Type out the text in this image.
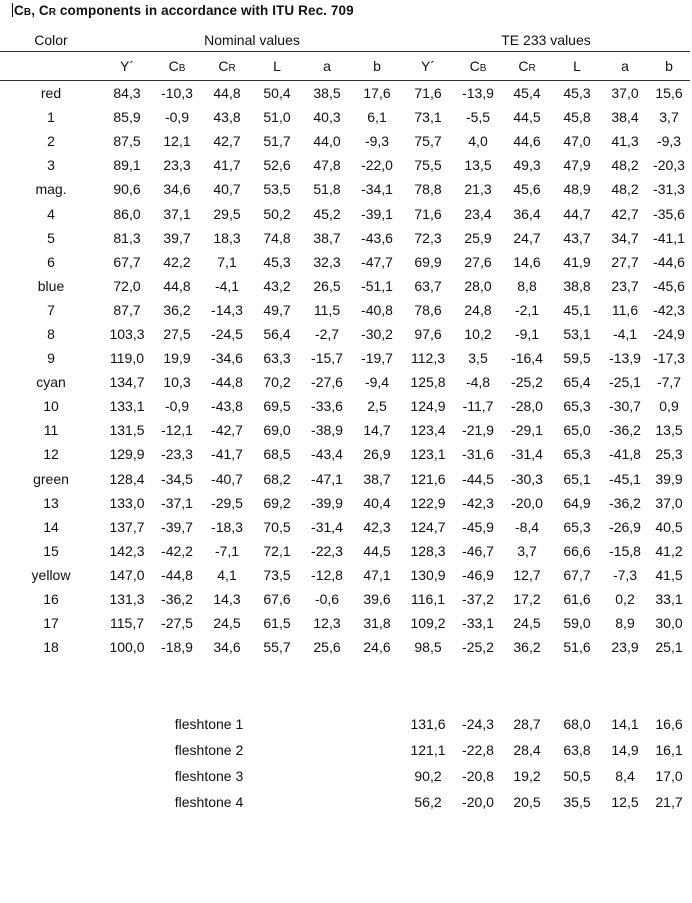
CB, CR components in accordance with ITU Rec. 709
Color	Nominal values						TE 233 values					
	Y´	CB	CR	L	a	b	Y´	CB	CR	L	a	b
red	84,3	-10,3	44,8	50,4	38,5	17,6	71,6	-13,9	45,4	45,3	37,0	15,6
1	85,9	-0,9	43,8	51,0	40,3	6,1	73,1	-5,5	44,5	45,8	38,4	3,7
2	87,5	12,1	42,7	51,7	44,0	-9,3	75,7	4,0	44,6	47,0	41,3	-9,3
3	89,1	23,3	41,7	52,6	47,8	-22,0	75,5	13,5	49,3	47,9	48,2	-20,3
mag.	90,6	34,6	40,7	53,5	51,8	-34,1	78,8	21,3	45,6	48,9	48,2	-31,3
4	86,0	37,1	29,5	50,2	45,2	-39,1	71,6	23,4	36,4	44,7	42,7	-35,6
5	81,3	39,7	18,3	74,8	38,7	-43,6	72,3	25,9	24,7	43,7	34,7	-41,1
6	67,7	42,2	7,1	45,3	32,3	-47,7	69,9	27,6	14,6	41,9	27,7	-44,6
blue	72,0	44,8	-4,1	43,2	26,5	-51,1	63,7	28,0	8,8	38,8	23,7	-45,6
7	87,7	36,2	-14,3	49,7	11,5	-40,8	78,6	24,8	-2,1	45,1	11,6	-42,3
8	103,3	27,5	-24,5	56,4	-2,7	-30,2	97,6	10,2	-9,1	53,1	-4,1	-24,9
9	119,0	19,9	-34,6	63,3	-15,7	-19,7	112,3	3,5	-16,4	59,5	-13,9	-17,3
cyan	134,7	10,3	-44,8	70,2	-27,6	-9,4	125,8	-4,8	-25,2	65,4	-25,1	-7,7
10	133,1	-0,9	-43,8	69,5	-33,6	2,5	124,9	-11,7	-28,0	65,3	-30,7	0,9
11	131,5	-12,1	-42,7	69,0	-38,9	14,7	123,4	-21,9	-29,1	65,0	-36,2	13,5
12	129,9	-23,3	-41,7	68,5	-43,4	26,9	123,1	-31,6	-31,4	65,3	-41,8	25,3
green	128,4	-34,5	-40,7	68,2	-47,1	38,7	121,6	-44,5	-30,3	65,1	-45,1	39,9
13	133,0	-37,1	-29,5	69,2	-39,9	40,4	122,9	-42,3	-20,0	64,9	-36,2	37,0
14	137,7	-39,7	-18,3	70,5	-31,4	42,3	124,7	-45,9	-8,4	65,3	-26,9	40,5
15	142,3	-42,2	-7,1	72,1	-22,3	44,5	128,3	-46,7	3,7	66,6	-15,8	41,2
yellow	147,0	-44,8	4,1	73,5	-12,8	47,1	130,9	-46,9	12,7	67,7	-7,3	41,5
16	131,3	-36,2	14,3	67,6	-0,6	39,6	116,1	-37,2	17,2	61,6	0,2	33,1
17	115,7	-27,5	24,5	61,5	12,3	31,8	109,2	-33,1	24,5	59,0	8,9	30,0
18	100,0	-18,9	34,6	55,7	25,6	24,6	98,5	-25,2	36,2	51,6	23,9	25,1

fleshtone 1							131,6	-24,3	28,7	68,0	14,1	16,6
fleshtone 2							121,1	-22,8	28,4	63,8	14,9	16,1
fleshtone 3							90,2	-20,8	19,2	50,5	8,4	17,0
fleshtone 4							56,2	-20,0	20,5	35,5	12,5	21,7
